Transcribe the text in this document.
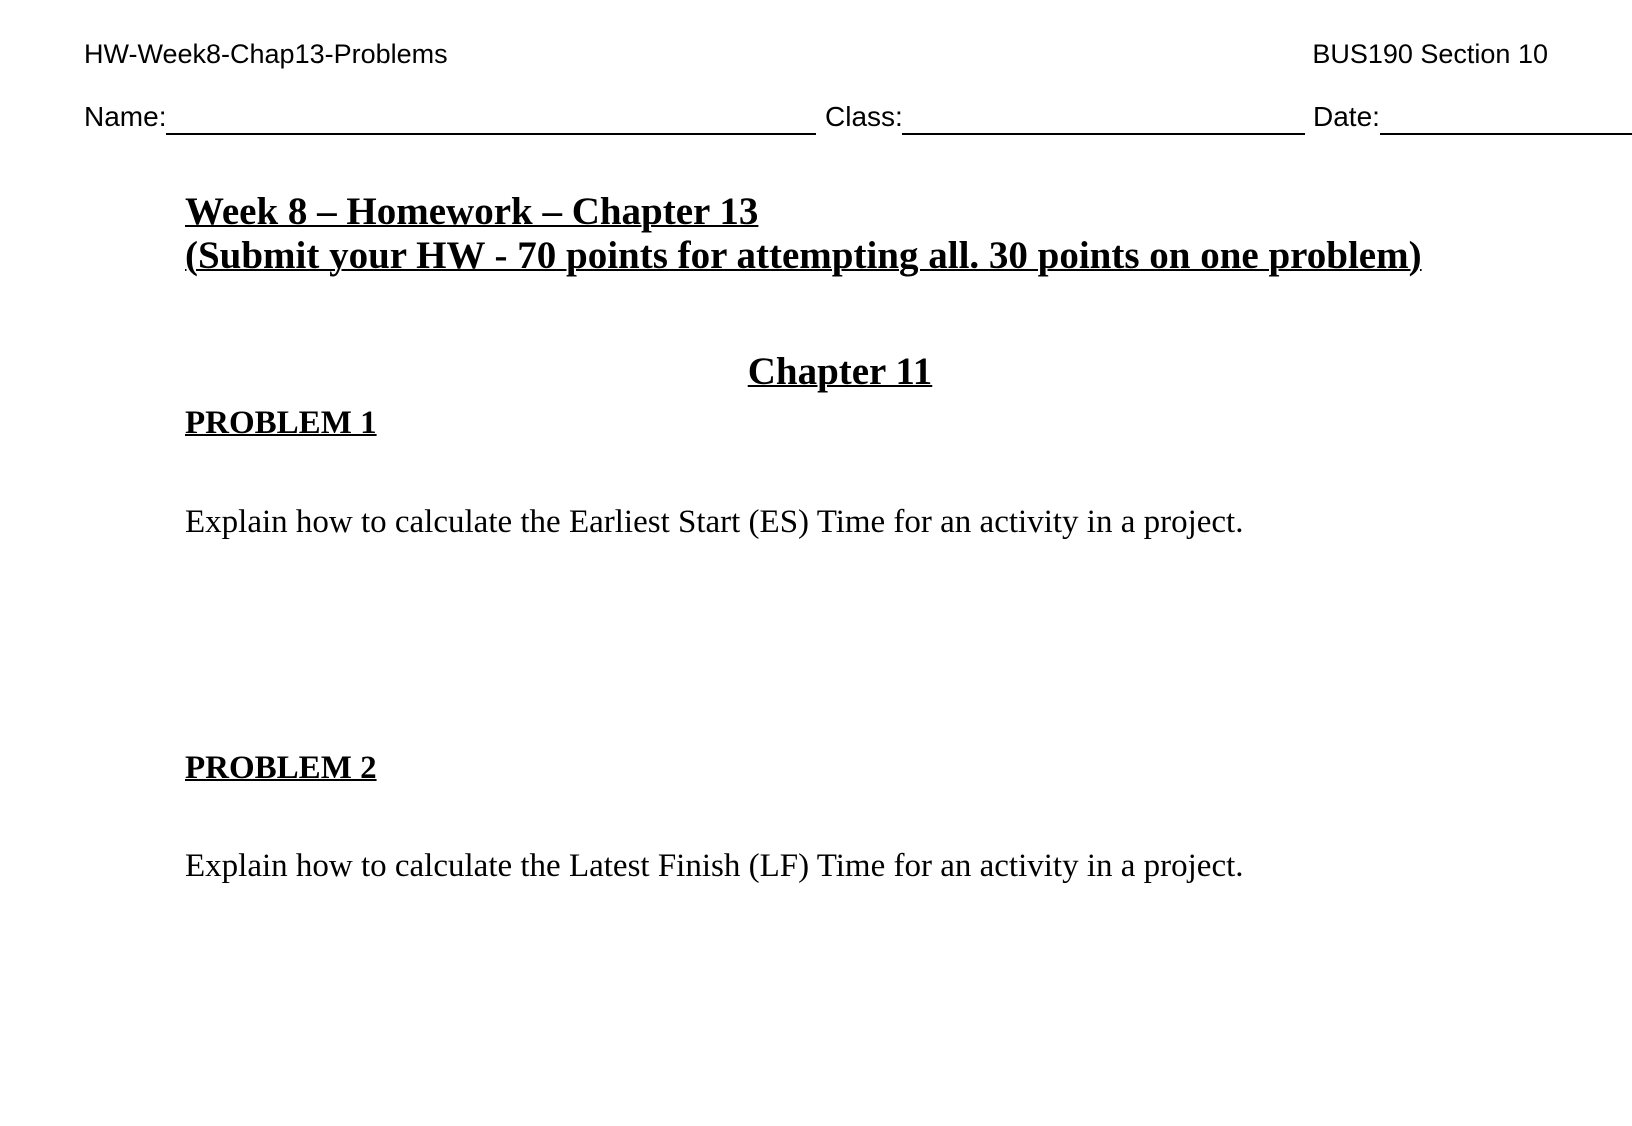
HW-Week8-Chap13-Problems	BUS190 Section 10
Name:	Class:	Date:
Week 8 – Homework – Chapter 13
(Submit your HW - 70 points for attempting all. 30 points on one problem)
Chapter 11
PROBLEM 1
Explain how to calculate the Earliest Start (ES) Time for an activity in a project.
PROBLEM 2
Explain how to calculate the Latest Finish (LF) Time for an activity in a project.
